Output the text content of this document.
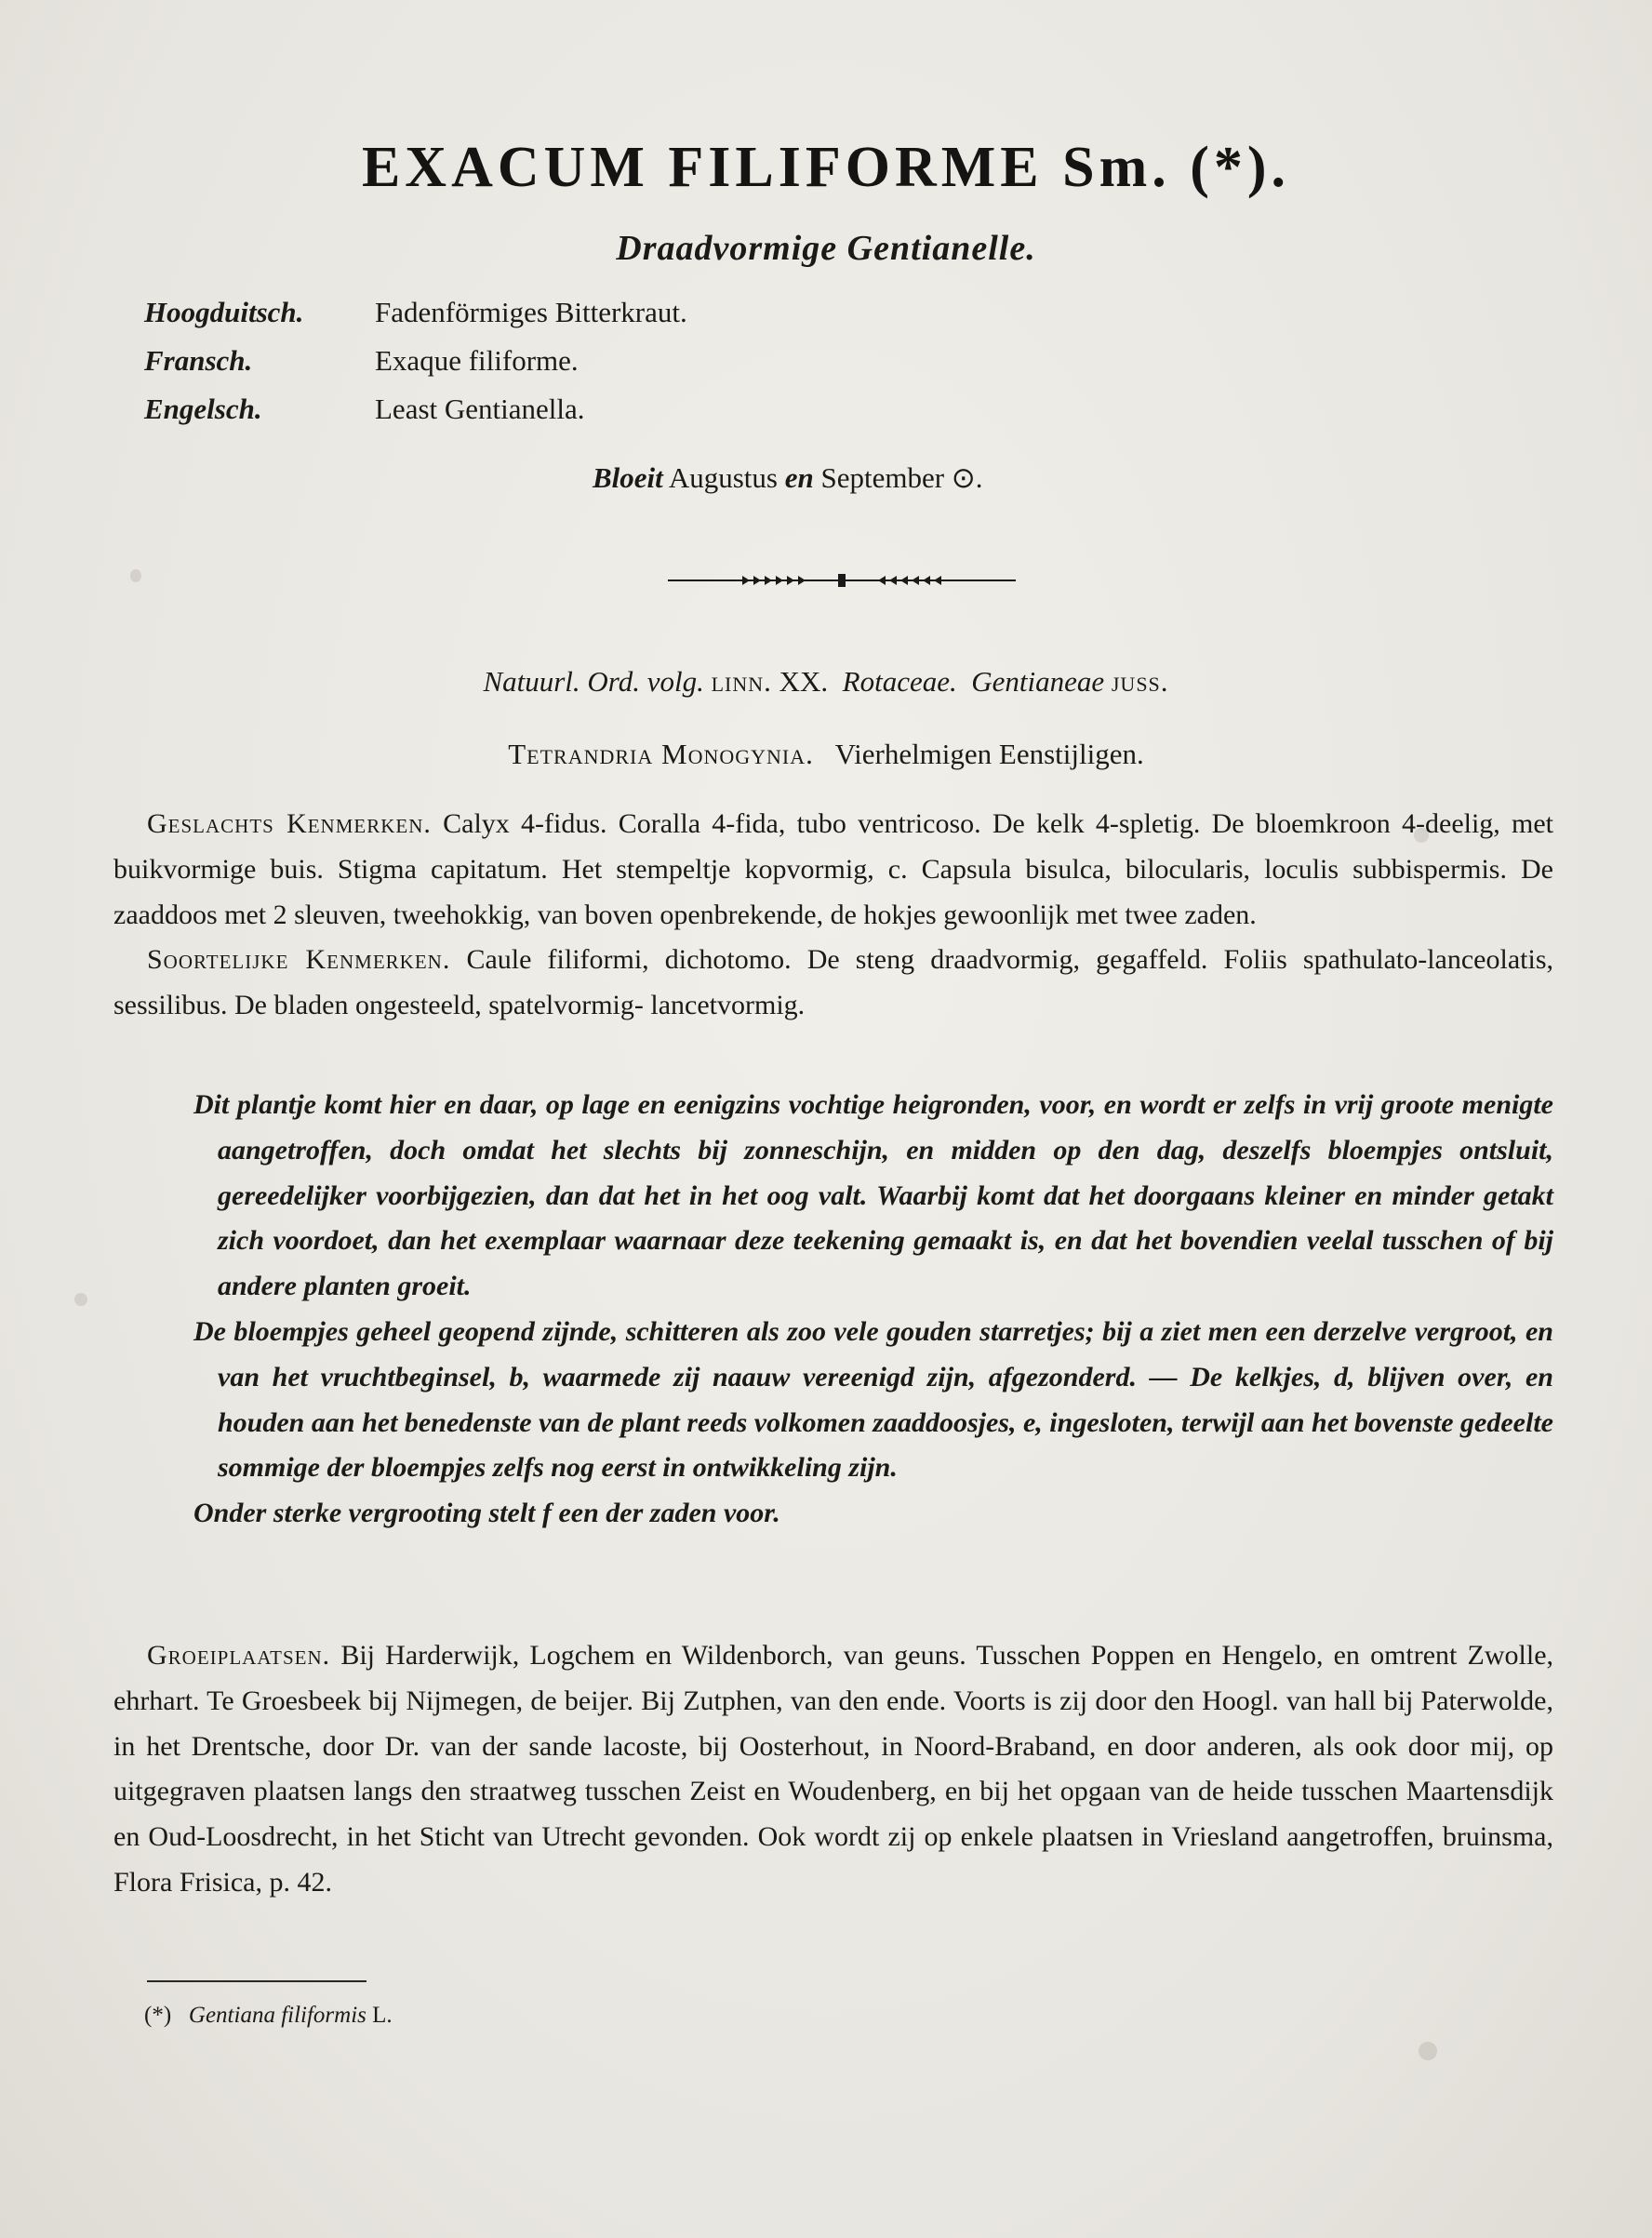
EXACUM FILIFORME Sm. (*).
Draadvormige Gentianelle.
Hoogduitsch. Fadenförmiges Bitterkraut.
Fransch.	Exaque filiforme.
Engelsch.	Least Gentianella.
Bloeit Augustus en September ⊙.
Natuurl. Ord. volg. linn. XX. Rotaceae. Gentianeae juss.
Tetrandria Monogynia. Vierhelmigen Eenstijligen.

Geslachts Kenmerken. Calyx 4-fidus. Coralla 4-fida, tubo ventricoso. De kelk 4-spletig. De bloemkroon 4-deelig, met buikvormige buis. Stigma capitatum. Het stempeltje kopvormig, c. Capsula bisulca, bilocularis, loculis subbispermis. De zaaddoos met 2 sleuven, tweehokkig, van boven openbrekende, de hokjes gewoonlijk met twee zaden.

Soortelijke Kenmerken. Caule filiformi, dichotomo. De steng draadvormig, gegaffeld. Foliis spathulato-lanceolatis, sessilibus. De bladen ongesteeld, spatelvormig- lancetvormig.

Dit plantje komt hier en daar, op lage en eenigzins vochtige heigronden, voor, en wordt er zelfs in vrij groote menigte aangetroffen, doch omdat het slechts bij zonneschijn, en midden op den dag, deszelfs bloempjes ontsluit, gereedelijker voorbijgezien, dan dat het in het oog valt. Waarbij komt dat het doorgaans kleiner en minder getakt zich voordoet, dan het exemplaar waarnaar deze teekening gemaakt is, en dat het bovendien veelal tusschen of bij andere planten groeit.

De bloempjes geheel geopend zijnde, schitteren als zoo vele gouden starretjes; bij a ziet men een derzelve vergroot, en van het vruchtbeginsel, b, waarmede zij naauw vereenigd zijn, afgezonderd. — De kelkjes, d, blijven over, en houden aan het benedenste van de plant reeds volkomen zaaddoosjes, e, ingesloten, terwijl aan het bovenste gedeelte sommige der bloempjes zelfs nog eerst in ontwikkeling zijn.

Onder sterke vergrooting stelt f een der zaden voor.

Groeiplaatsen. Bij Harderwijk, Logchem en Wildenborch, van geuns. Tusschen Poppen en Hengelo, en omtrent Zwolle, ehrhart. Te Groesbeek bij Nijmegen, de beijer. Bij Zutphen, van den ende. Voorts is zij door den Hoogl. van hall bij Paterwolde, in het Drentsche, door Dr. van der sande lacoste, bij Oosterhout, in Noord-Braband, en door anderen, als ook door mij, op uitgegraven plaatsen langs den straatweg tusschen Zeist en Woudenberg, en bij het opgaan van de heide tusschen Maartensdijk en Oud-Loosdrecht, in het Sticht van Utrecht gevonden. Ook wordt zij op enkele plaatsen in Vriesland aangetroffen, bruinsma, Flora Frisica, p. 42.

(*) Gentiana filiformis L.
